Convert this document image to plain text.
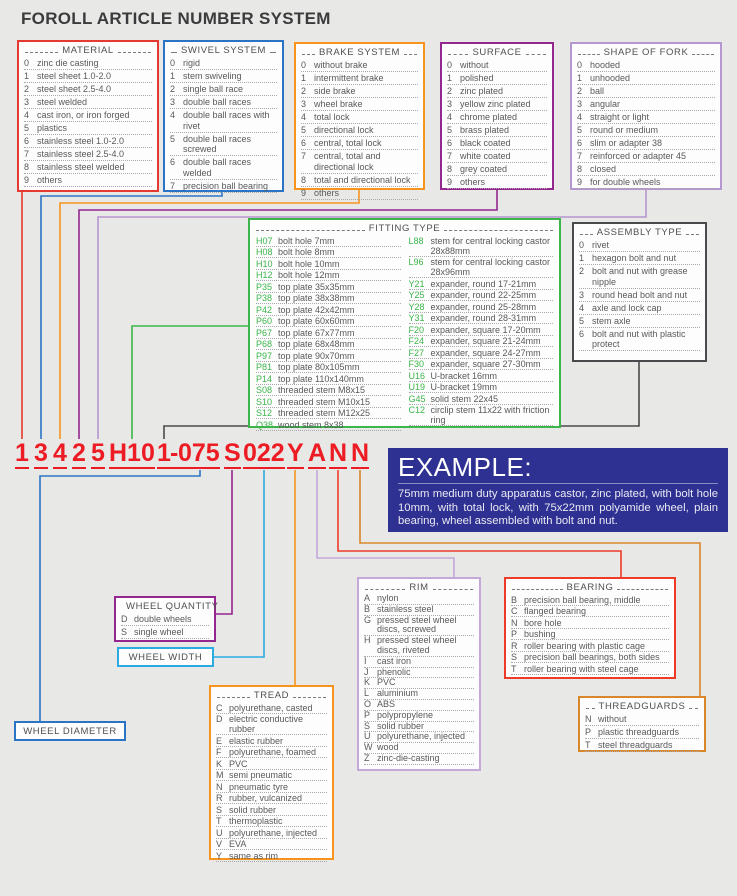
FOROLL ARTICLE NUMBER SYSTEM
MATERIAL
0 zinc die casting
1 steel sheet 1.0-2.0
2 steel sheet 2.5-4.0
3 steel welded
4 cast iron, or iron forged
5 plastics
6 stainless steel 1.0-2.0
7 stainless steel 2.5-4.0
8 stainless steel welded
9 others
SWIVEL SYSTEM
0 rigid
1 stem swiveling
2 single ball race
3 double ball races
4 double ball races with rivet
5 double ball races screwed
6 double ball races welded
7 precision ball bearing
BRAKE SYSTEM
0 without brake
1 intermittent brake
2 side brake
3 wheel brake
4 total lock
5 directional lock
6 central, total lock
7 central, total and directional lock
8 total and directional lock
9 others
SURFACE
0 without
1 polished
2 zinc plated
3 yellow zinc plated
4 chrome plated
5 brass plated
6 black coated
7 white coated
8 grey coated
9 others
SHAPE OF FORK
0 hooded
1 unhooded
2 ball
3 angular
4 straight or light
5 round or medium
6 slim or adapter 38
7 reinforced or adapter 45
8 closed
9 for double wheels
FITTING TYPE
H07 bolt hole 7mm
H08 bolt hole 8mm
H10 bolt hole 10mm
H12 bolt hole 12mm
P35 top plate 35x35mm
P38 top plate 38x38mm
P42 top plate 42x42mm
P60 top plate 60x60mm
P67 top plate 67x77mm
P68 top plate 68x48mm
P97 top plate 90x70mm
P81 top plate 80x105mm
P14 top plate 110x140mm
S08 threaded stem M8x15
S10 threaded stem M10x15
S12 threaded stem M12x25
Q38 wood stem 8x38
L88 stem for central locking castor 28x88mm
L96 stem for central locking castor 28x96mm
Y21 expander, round 17-21mm
Y25 expander, round 22-25mm
Y28 expander, round 25-28mm
Y31 expander, round 28-31mm
F20 expander, square 17-20mm
F24 expander, square 21-24mm
F27 expander, square 24-27mm
F30 expander, square 27-30mm
U16 U-bracket 16mm
U19 U-bracket 19mm
G45 solid stem 22x45
C12 circlip stem 11x22 with friction ring
ASSEMBLY TYPE
0 rivet
1 hexagon bolt and nut
2 bolt and nut with grease nipple
3 round head bolt and nut
4 axle and lock cap
5 stem axle
6 bolt and nut with plastic protect
1 3 4 2 5 H10 1 - 075 S 022 Y A N N EXAMPLE:
75mm medium duty apparatus castor, zinc plated, with bolt hole 10mm, with total lock, with 75x22mm polyamide wheel, plain bearing, wheel assembled with bolt and nut.
WHEEL QUANTITY
D double wheels
S single wheel
WHEEL WIDTH
TREAD
C polyurethane, casted
D electric conductive rubber
E elastic rubber
F polyurethane, foamed
K PVC
M semi pneumatic
N pneumatic tyre
R rubber, vulcanized
S solid rubber
T thermoplastic
U polyurethane, injected
V EVA
Y same as rim
RIM
A nylon
B stainless steel
G pressed steel wheel discs, screwed
H pressed steel wheel discs, riveted
I	cast iron
J phenolic
K PVC
L aluminium
O ABS
P polypropylene
S solid rubber
U polyurethane, injected
W wood
Z zinc-die-casting
BEARING
B precision ball bearing, middle
C flanged bearing
N bore hole
P bushing
R roller bearing with plastic cage
S precision ball bearings, both sides
T roller bearing with steel cage
THREADGUARDS
N without
P plastic threadguards
T steel threadguards
WHEEL DIAMETER
